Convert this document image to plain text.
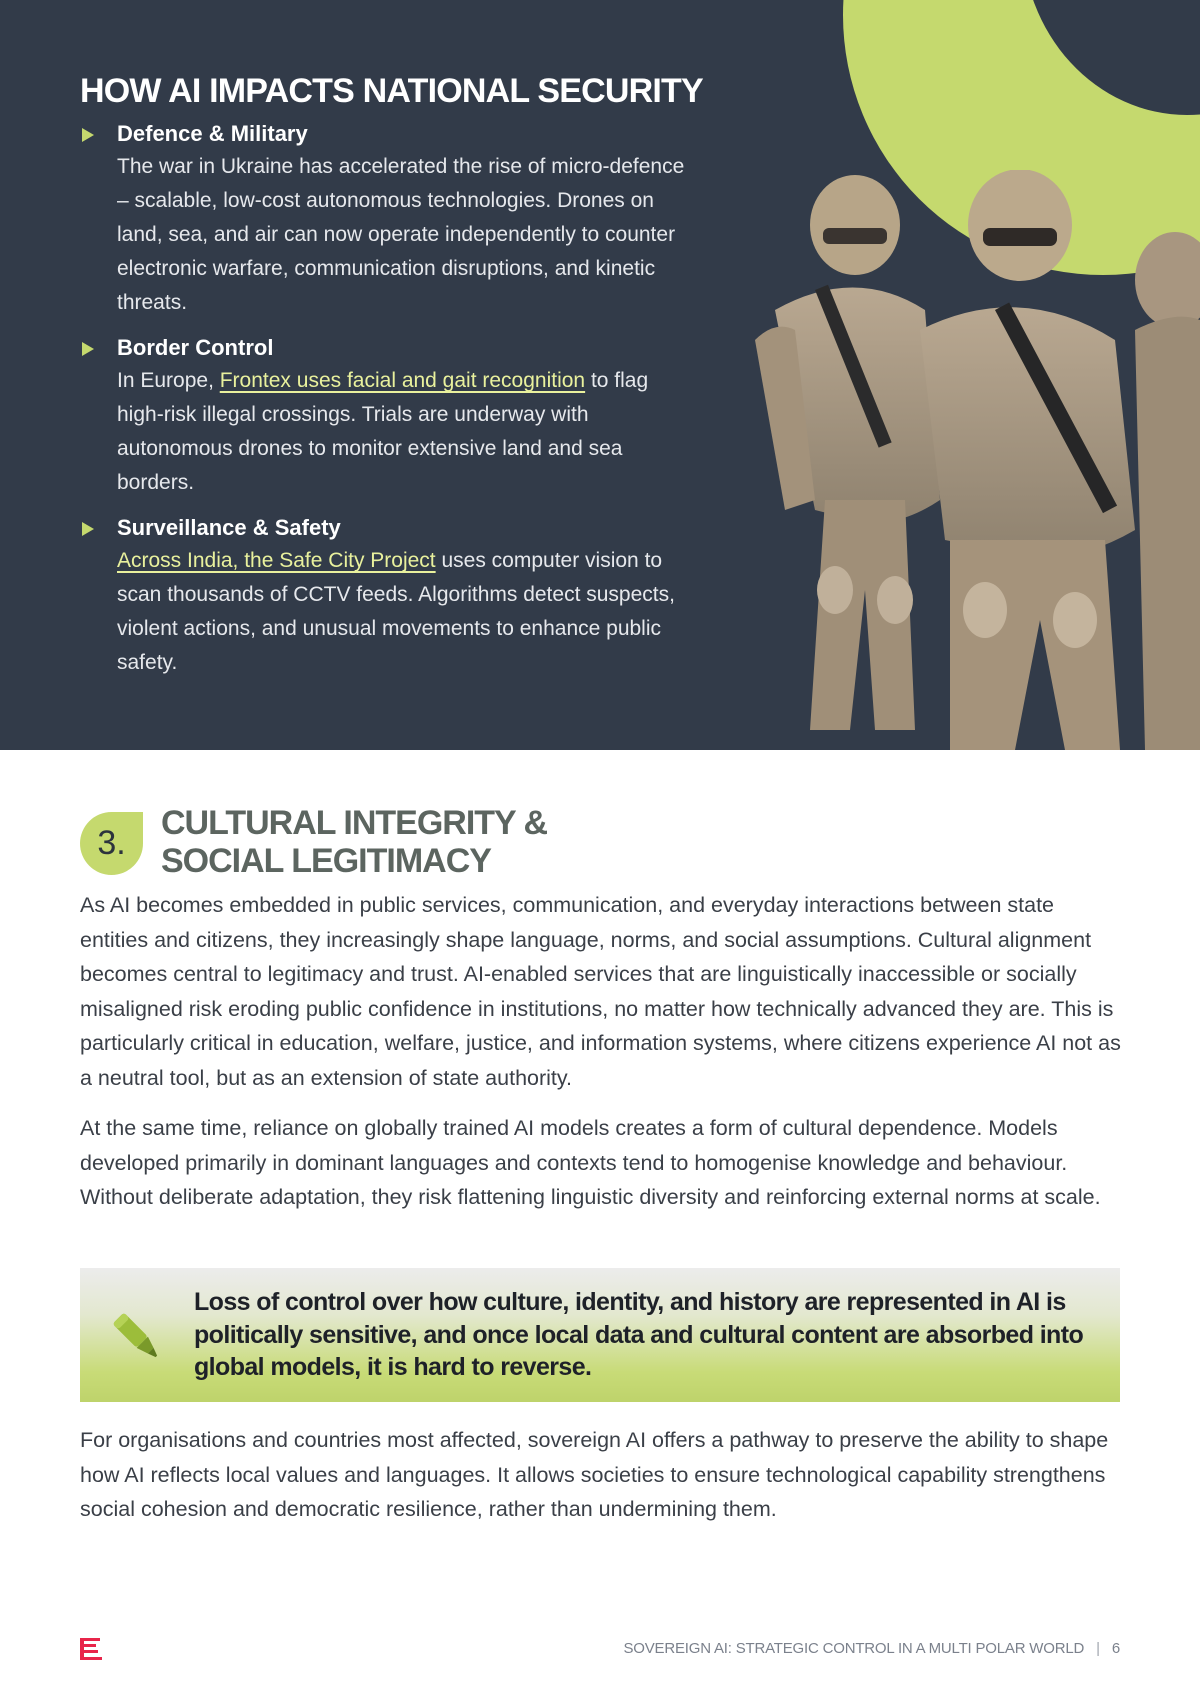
HOW AI IMPACTS NATIONAL SECURITY
Defence & Military

The war in Ukraine has accelerated the rise of micro-defence – scalable, low-cost autonomous technologies. Drones on land, sea, and air can now operate independently to counter electronic warfare, communication disruptions, and kinetic threats.

Border Control

In Europe, Frontex uses facial and gait recognition to flag high-risk illegal crossings. Trials are underway with autonomous drones to monitor extensive land and sea borders.

Surveillance & Safety

Across India, the Safe City Project uses computer vision to scan thousands of CCTV feeds. Algorithms detect suspects, violent actions, and unusual movements to enhance public safety.

3.
CULTURAL INTEGRITY &
SOCIAL LEGITIMACY

As AI becomes embedded in public services, communication, and everyday interactions between state entities and citizens, they increasingly shape language, norms, and social assumptions. Cultural alignment becomes central to legitimacy and trust. AI-enabled services that are linguistically inaccessible or socially misaligned risk eroding public confidence in institutions, no matter how technically advanced they are. This is particularly critical in education, welfare, justice, and information systems, where citizens experience AI not as a neutral tool, but as an extension of state authority.

At the same time, reliance on globally trained AI models creates a form of cultural dependence. Models developed primarily in dominant languages and contexts tend to homogenise knowledge and behaviour. Without deliberate adaptation, they risk flattening linguistic diversity and reinforcing external norms at scale.

Loss of control over how culture, identity, and history are represented in AI is politically sensitive, and once local data and cultural content are absorbed into global models, it is hard to reverse.

For organisations and countries most affected, sovereign AI offers a pathway to preserve the ability to shape how AI reflects local values and languages. It allows societies to ensure technological capability strengthens social cohesion and democratic resilience, rather than undermining them.

SOVEREIGN AI: STRATEGIC CONTROL IN A MULTI POLAR WORLD | 6
